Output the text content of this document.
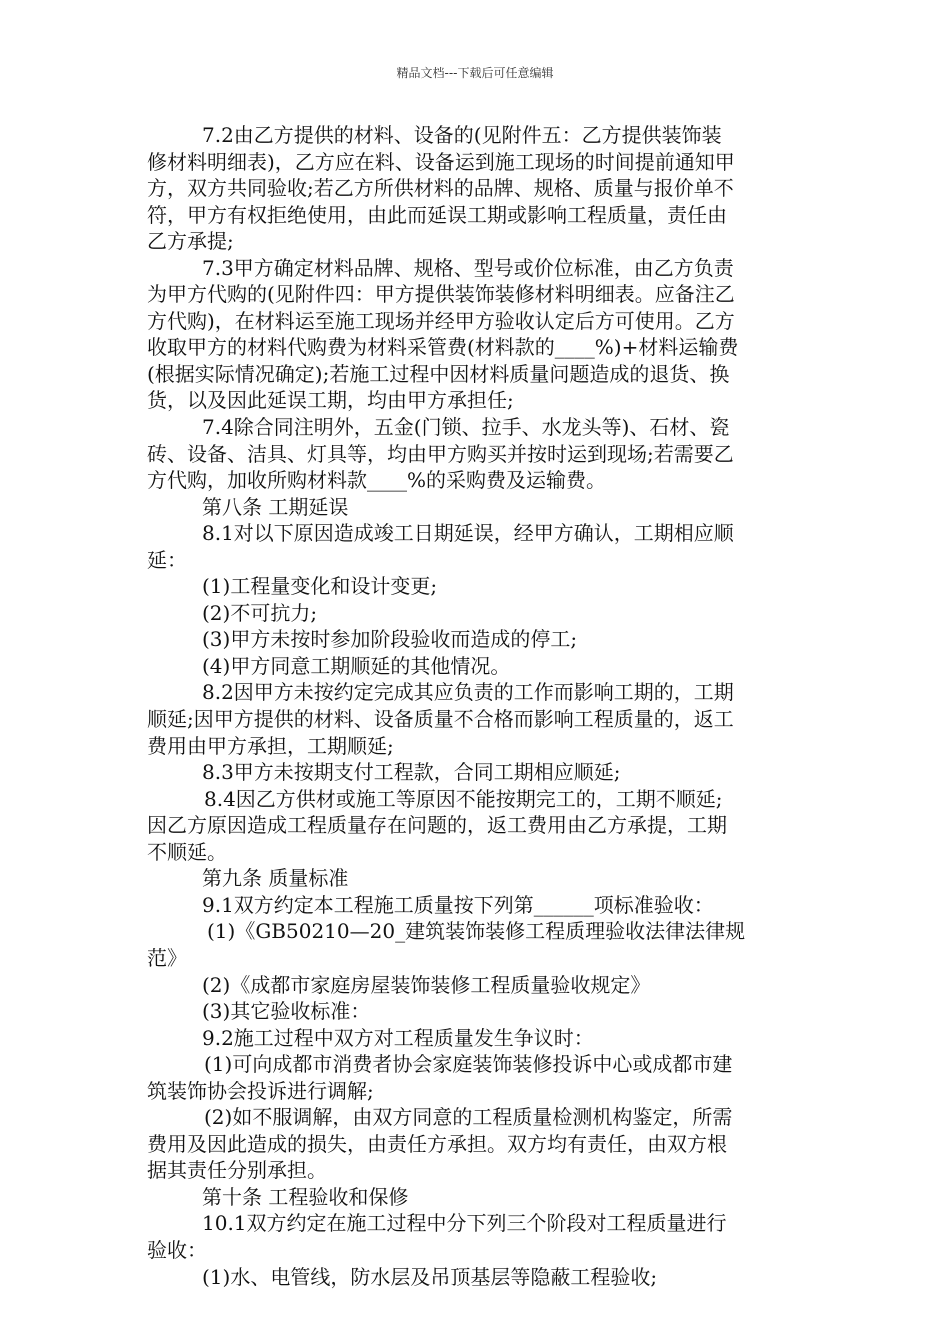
精品文档---下载后可任意编辑
7.2由乙方提供的材料、设备的(见附件五：乙方提供装饰装
修材料明细表)，乙方应在料、设备运到施工现场的时间提前通知甲
方，双方共同验收;若乙方所供材料的品牌、规格、质量与报价单不
符，甲方有权拒绝使用，由此而延误工期或影响工程质量，责任由
乙方承提;
7.3甲方确定材料品牌、规格、型号或价位标准，由乙方负责
为甲方代购的(见附件四：甲方提供装饰装修材料明细表。应备注乙
方代购)，在材料运至施工现场并经甲方验收认定后方可使用。乙方
收取甲方的材料代购费为材料采管费(材料款的____%)+材料运输费
(根据实际情况确定);若施工过程中因材料质量问题造成的退货、换
货，以及因此延误工期，均由甲方承担任;
7.4除合同注明外，五金(门锁、拉手、水龙头等)、石材、瓷
砖、设备、洁具、灯具等，均由甲方购买并按时运到现场;若需要乙
方代购，加收所购材料款____%的采购费及运输费。
第八条 工期延误
8.1对以下原因造成竣工日期延误，经甲方确认，工期相应顺
延：
(1)工程量变化和设计变更;
(2)不可抗力;
(3)甲方未按时参加阶段验收而造成的停工;
(4)甲方同意工期顺延的其他情况。
8.2因甲方未按约定完成其应负责的工作而影响工期的，工期
顺延;因甲方提供的材料、设备质量不合格而影响工程质量的，返工
费用由甲方承担，工期顺延;
8.3甲方未按期支付工程款，合同工期相应顺延;
8.4因乙方供材或施工等原因不能按期完工的，工期不顺延;
因乙方原因造成工程质量存在问题的，返工费用由乙方承提，工期
不顺延。
第九条 质量标准
9.1双方约定本工程施工质量按下列第______项标准验收：
(1)《GB50210—20_建筑装饰装修工程质理验收法律法律规
范》
(2)《成都市家庭房屋装饰装修工程质量验收规定》
(3)其它验收标准：
9.2施工过程中双方对工程质量发生争议时：
(1)可向成都市消费者协会家庭装饰装修投诉中心或成都市建
筑装饰协会投诉进行调解;
(2)如不服调解，由双方同意的工程质量检测机构鉴定，所需
费用及因此造成的损失，由责任方承担。双方均有责任，由双方根
据其责任分别承担。
第十条 工程验收和保修
10.1双方约定在施工过程中分下列三个阶段对工程质量进行
验收：
(1)水、电管线，防水层及吊顶基层等隐蔽工程验收;
